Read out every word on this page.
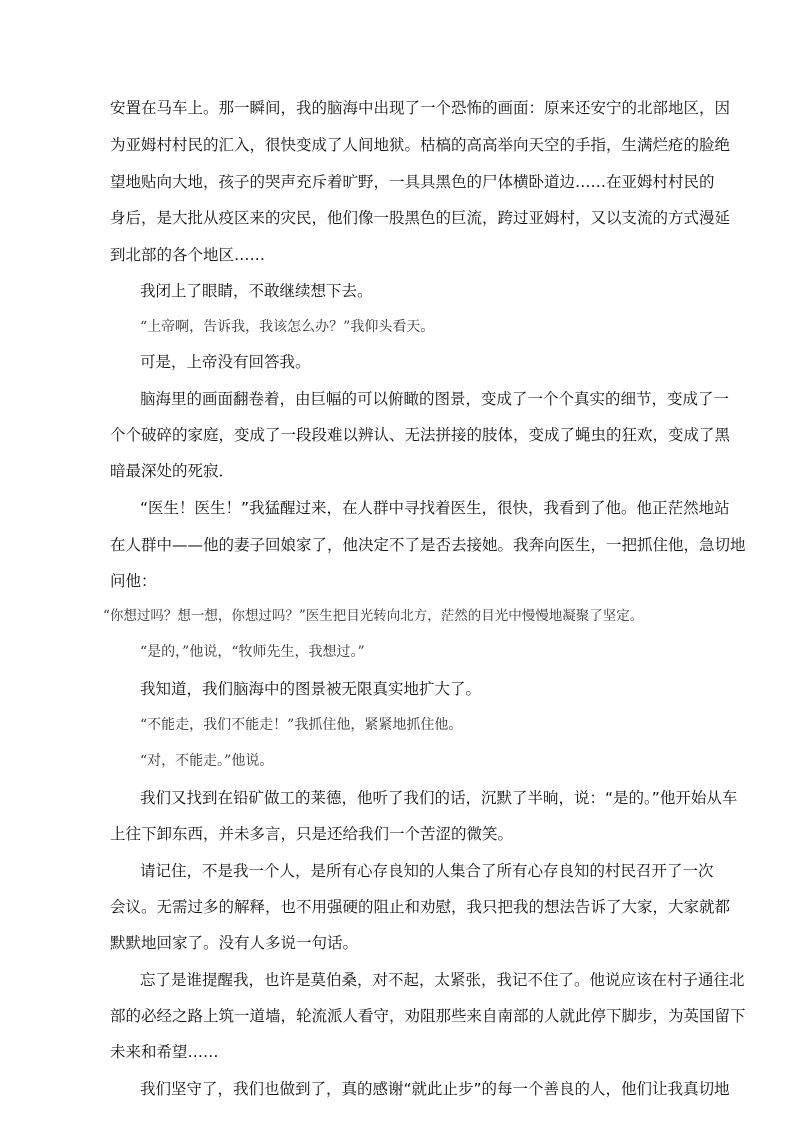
安置在马车上。那一瞬间，我的脑海中出现了一个恐怖的画面：原来还安宁的北部地区，因
为亚姆村村民的汇入，很快变成了人间地狱。枯槁的高高举向天空的手指，生满烂疮的脸绝
望地贴向大地，孩子的哭声充斥着旷野，一具具黑色的尸体横卧道边……在亚姆村村民的
身后，是大批从疫区来的灾民，他们像一股黑色的巨流，跨过亚姆村，又以支流的方式漫延
到北部的各个地区……
我闭上了眼睛，不敢继续想下去。
“上帝啊，告诉我，我该怎么办？”我仰头看天。
可是，上帝没有回答我。
脑海里的画面翻卷着，由巨幅的可以俯瞰的图景，变成了一个个真实的细节，变成了一
个个破碎的家庭，变成了一段段难以辨认、无法拼接的肢体，变成了蝇虫的狂欢，变成了黑
暗最深处的死寂．
“医生！医生！”我猛醒过来，在人群中寻找着医生，很快，我看到了他。他正茫然地站
在人群中——他的妻子回娘家了，他决定不了是否去接她。我奔向医生，一把抓住他，急切地
问他：
“你想过吗？想一想，你想过吗？”医生把目光转向北方，茫然的目光中慢慢地凝聚了坚定。
“是的，”他说，“牧师先生，我想过。”
我知道，我们脑海中的图景被无限真实地扩大了。
“不能走，我们不能走！”我抓住他，紧紧地抓住他。
“对，不能走。”他说。
我们又找到在铅矿做工的莱德，他听了我们的话，沉默了半晌，说：“是的。”他开始从车
上往下卸东西，并未多言，只是还给我们一个苦涩的微笑。
请记住，不是我一个人，是所有心存良知的人集合了所有心存良知的村民召开了一次
会议。无需过多的解释，也不用强硬的阻止和劝慰，我只把我的想法告诉了大家，大家就都
默默地回家了。没有人多说一句话。
忘了是谁提醒我，也许是莫伯桑，对不起，太紧张，我记不住了。他说应该在村子通往北
部的必经之路上筑一道墙，轮流派人看守，劝阻那些来自南部的人就此停下脚步，为英国留下
未来和希望……
我们坚守了，我们也做到了，真的感谢“就此止步”的每一个善良的人，他们让我真切地
